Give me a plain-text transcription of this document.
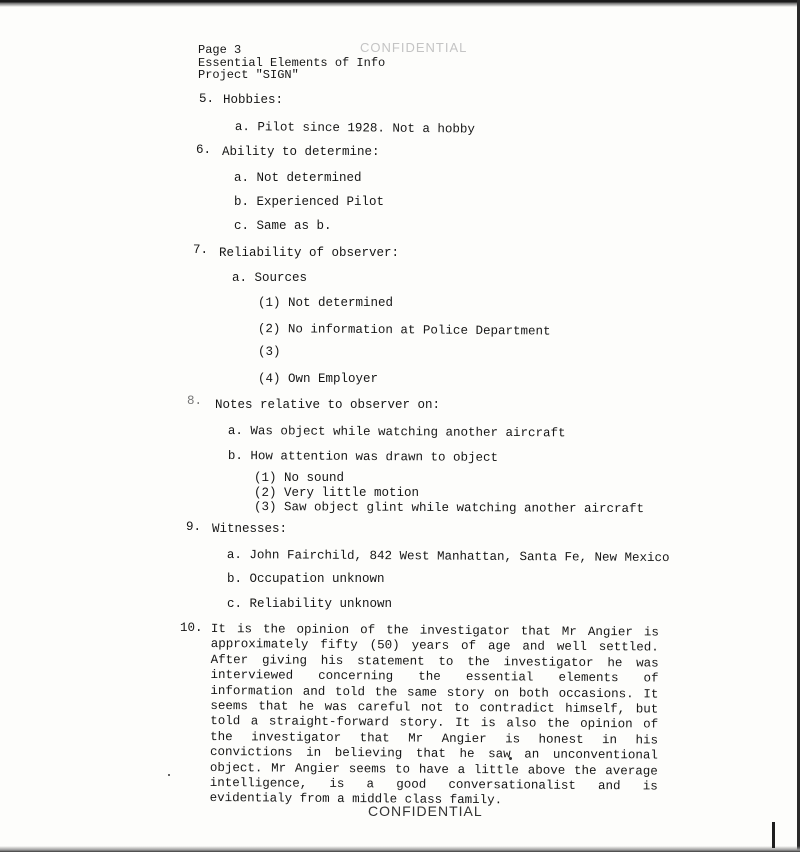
Page 3	CONFIDENTIAL
Essential Elements of Info
Project "SIGN"
5. Hobbies:
a. Pilot since 1928. Not a hobby
6. Ability to determine:
a. Not determined
b. Experienced Pilot
c. Same as b.
7. Reliability of observer:
a. Sources
(1) Not determined
(2) No information at Police Department
(3)
(4) Own Employer
8. Notes relative to observer on:
a. Was object while watching another aircraft
b. How attention was drawn to object
(1) No sound
(2) Very little motion
(3) Saw object glint while watching another aircraft
9. Witnesses:
a. John Fairchild, 842 West Manhattan, Santa Fe, New Mexico
b. Occupation unknown
c. Reliability unknown
10. It is the opinion of the investigator that Mr Angier is approximately fifty (50) years of age and well settled. After giving his statement to the investigator he was interviewed concerning the essential elements of information and told the same story on both occasions. It seems that he was careful not to contradict himself, but told a straight-forward story. It is also the opinion of the investigator that Mr Angier is honest in his convictions in believing that he saw an unconventional object. Mr Angier seems to have a little above the average intelligence, is a good conversationalist and is evidentialy from a middle class family.
CONFIDENTIAL
